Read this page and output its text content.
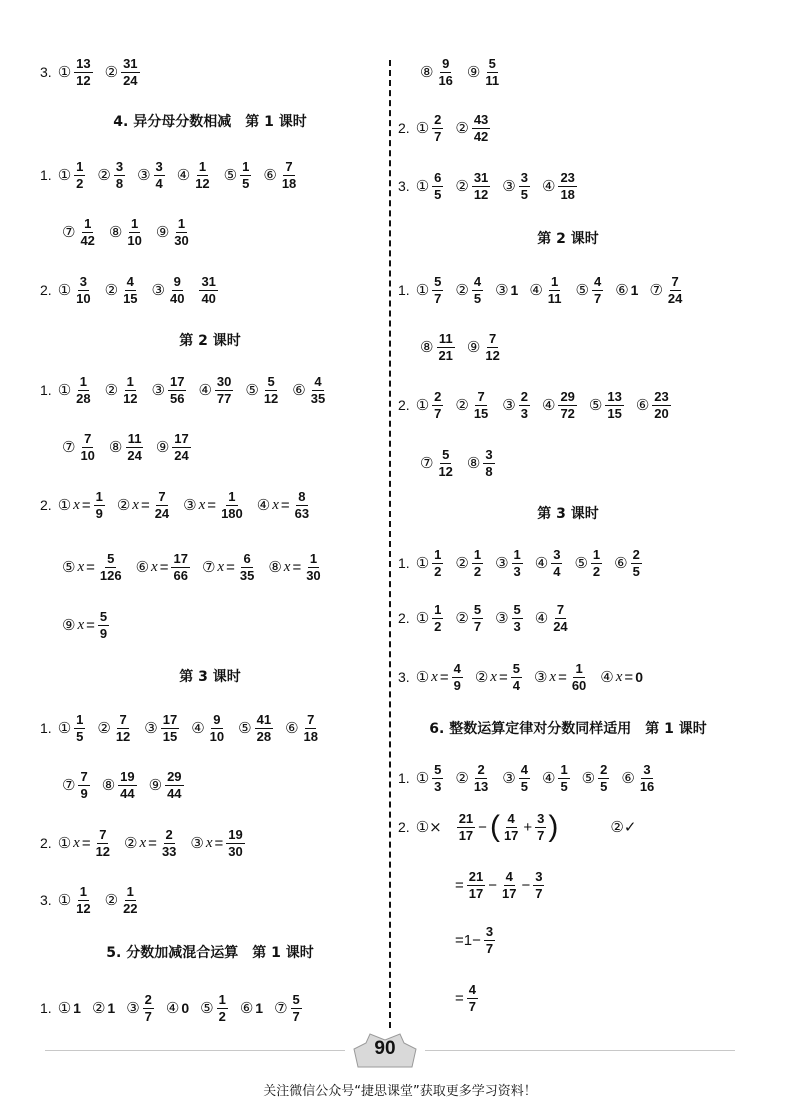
3. ① $\frac{13}{12}$ ② $\frac{31}{24}$
4. 异分母分数相减　第 1 课时
1. ① $\frac{1}{2}$ ② $\frac{3}{8}$ ③ $\frac{3}{4}$ ④ $\frac{1}{12}$ ⑤ $\frac{1}{5}$ ⑥ $\frac{7}{18}$
⑦ $\frac{1}{42}$ ⑧ $\frac{1}{10}$ ⑨ $\frac{1}{30}$
2. ① $\frac{3}{10}$ ② $\frac{4}{15}$ ③ $\frac{9}{40} \frac{31}{40}$
第 2 课时
1. ① $\frac{1}{28}$ ② $\frac{1}{12}$ ③ $\frac{17}{56}$ ④ $\frac{30}{77}$ ⑤ $\frac{5}{12}$ ⑥ $\frac{4}{35}$
⑦ $\frac{7}{10}$ ⑧ $\frac{11}{24}$ ⑨ $\frac{17}{24}$
2. ① $x = \frac{1}{9}$ ② $x = \frac{7}{24}$ ③ $x = \frac{1}{180}$ ④ $x = \frac{8}{63}$
⑤ $x = \frac{5}{126}$ ⑥ $x = \frac{17}{66}$ ⑦ $x = \frac{6}{35}$ ⑧ $x = \frac{1}{30}$
⑨ $x = \frac{5}{9}$
第 3 课时
1. ① $\frac{1}{5}$ ② $\frac{7}{12}$ ③ $\frac{17}{15}$ ④ $\frac{9}{10}$ ⑤ $\frac{41}{28}$ ⑥ $\frac{7}{18}$
⑦ $\frac{7}{9}$ ⑧ $\frac{19}{44}$ ⑨ $\frac{29}{44}$
2. ① $x = \frac{7}{12}$ ② $x = \frac{2}{33}$ ③ $x = \frac{19}{30}$
3. ① $\frac{1}{12}$ ② $\frac{1}{22}$
5. 分数加减混合运算　第 1 课时
1. ① 1 ② 1 ③ $\frac{2}{7}$ ④ 0 ⑤ $\frac{1}{2}$ ⑥ 1 ⑦ $\frac{5}{7}$
⑧ $\frac{9}{16}$ ⑨ $\frac{5}{11}$
2. ① $\frac{2}{7}$ ② $\frac{43}{42}$
3. ① $\frac{6}{5}$ ② $\frac{31}{12}$ ③ $\frac{3}{5}$ ④ $\frac{23}{18}$
第 2 课时
1. ① $\frac{5}{7}$ ② $\frac{4}{5}$ ③ 1 ④ $\frac{1}{11}$ ⑤ $\frac{4}{7}$ ⑥ 1 ⑦ $\frac{7}{24}$
⑧ $\frac{11}{21}$ ⑨ $\frac{7}{12}$
2. ① $\frac{2}{7}$ ② $\frac{7}{15}$ ③ $\frac{2}{3}$ ④ $\frac{29}{72}$ ⑤ $\frac{13}{15}$ ⑥ $\frac{23}{20}$
⑦ $\frac{5}{12}$ ⑧ $\frac{3}{8}$
第 3 课时
1. ① $\frac{1}{2}$ ② $\frac{1}{2}$ ③ $\frac{1}{3}$ ④ $\frac{3}{4}$ ⑤ $\frac{1}{2}$ ⑥ $\frac{2}{5}$
2. ① $\frac{1}{2}$ ② $\frac{5}{7}$ ③ $\frac{5}{3}$ ④ $\frac{7}{24}$
3. ① $x = \frac{4}{9}$ ② $x = \frac{5}{4}$ ③ $x = \frac{1}{60}$ ④ x = 0
6. 整数运算定律对分数同样适用　第 1 课时
1. ① $\frac{5}{3}$ ② $\frac{2}{13}$ ③ $\frac{4}{5}$ ④ $\frac{1}{5}$ ⑤ $\frac{2}{5}$ ⑥ $\frac{3}{16}$
2. ①× $\frac{21}{17}$ − ( $\frac{4}{17} + \frac{3}{7}$ )	②✓
= $\frac{21}{17} - \frac{4}{17} - \frac{3}{7}$
$=1- \frac{3}{7}$
= $\frac{4}{7}$
90
关注微信公众号“捷思课堂”获取更多学习资料！
